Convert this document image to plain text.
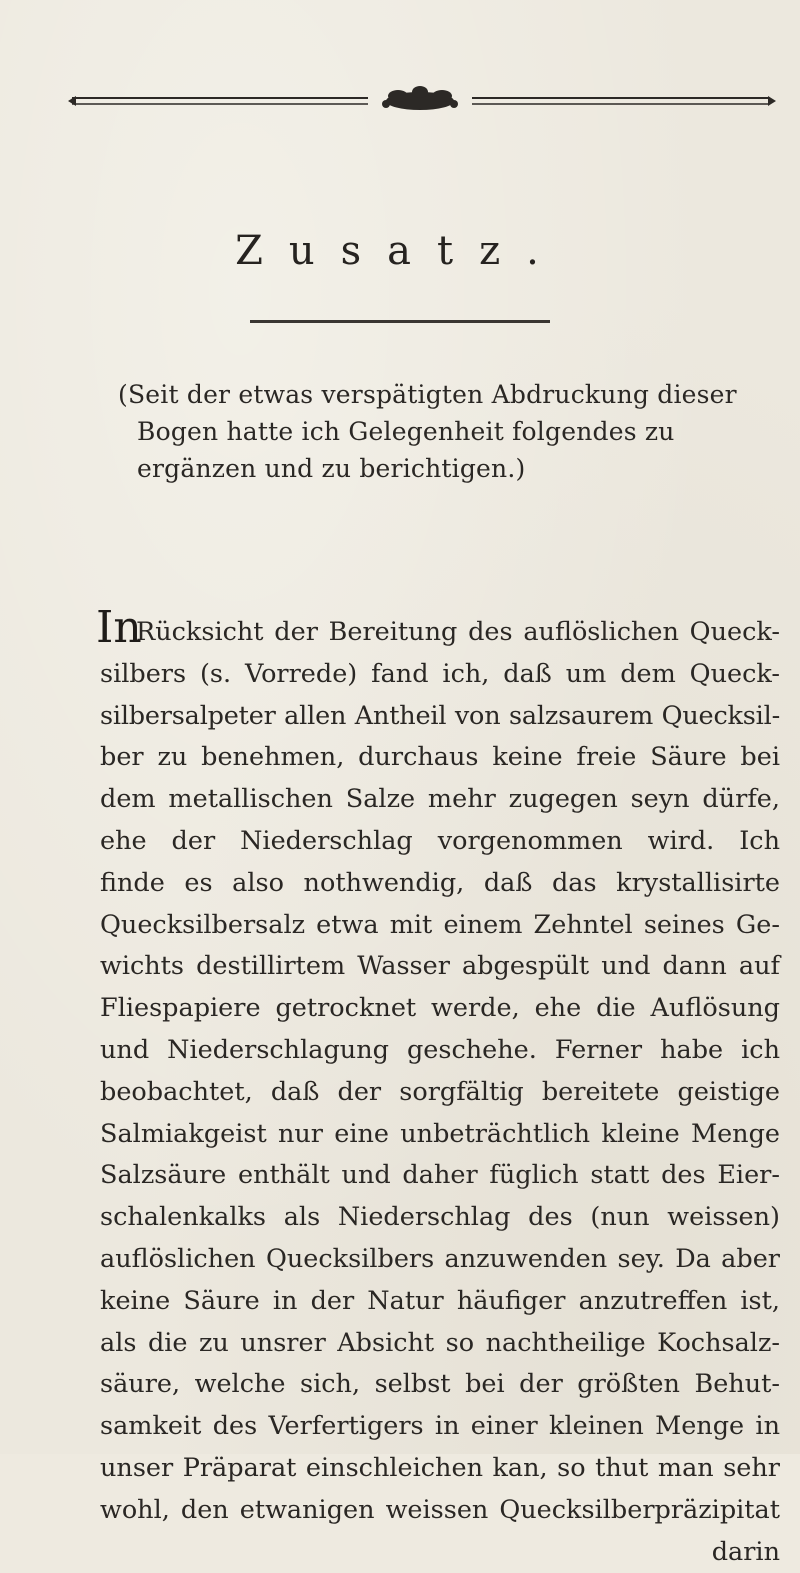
Zusatz.
(Seit der etwas verspätigten Abdruckung dieser
Bogen hatte ich Gelegenheit folgendes zu
ergänzen und zu berichtigen.)
In
Rücksicht der Bereitung des auflöslichen Queck-
silbers (s. Vorrede) fand ich, daß um dem Queck-
silbersalpeter allen Antheil von salzsaurem Quecksil-
ber zu benehmen, durchaus keine freie Säure bei
dem metallischen Salze mehr zugegen seyn dürfe,
ehe der Niederschlag vorgenommen wird. Ich
finde es also nothwendig, daß das krystallisirte
Quecksilbersalz etwa mit einem Zehntel seines Ge-
wichts destillirtem Wasser abgespült und dann auf
Fliespapiere getrocknet werde, ehe die Auflösung
und Niederschlagung geschehe. Ferner habe ich
beobachtet, daß der sorgfältig bereitete geistige
Salmiakgeist nur eine unbeträchtlich kleine Menge
Salzsäure enthält und daher füglich statt des Eier-
schalenkalks als Niederschlag des (nun weissen)
auflöslichen Quecksilbers anzuwenden sey. Da aber
keine Säure in der Natur häufiger anzutreffen ist,
als die zu unsrer Absicht so nachtheilige Kochsalz-
säure, welche sich, selbst bei der größten Behut-
samkeit des Verfertigers in einer kleinen Menge in
unser Präparat einschleichen kan, so thut man sehr
wohl, den etwanigen weissen Quecksilberpräzipitat
darin
